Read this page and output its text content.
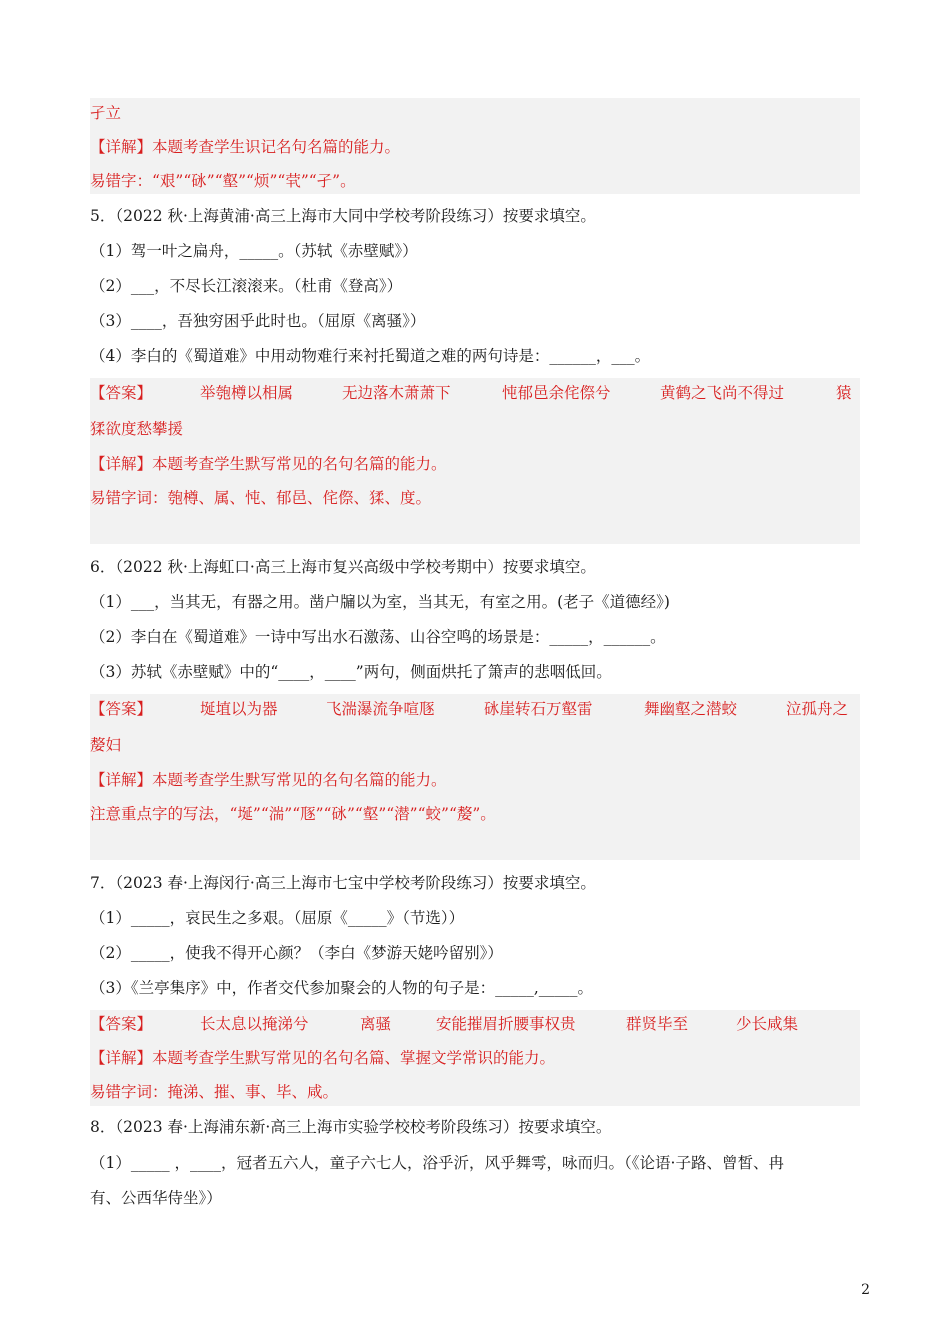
孑立
【详解】本题考查学生识记名句名篇的能力。
易错字：“艰”“砯”“壑”“烦”“茕”“孑”。
5．（2022 秋·上海黄浦·高三上海市大同中学校考阶段练习）按要求填空。
（1）驾一叶之扁舟，_____。（苏轼《赤壁赋》）
（2）___，不尽长江滚滚来。（杜甫《登高》）
（3）____，吾独穷困乎此时也。（屈原《离骚》）
（4）李白的《蜀道难》中用动物难行来衬托蜀道之难的两句诗是：______，___。
【答案】	举匏樽以相属	无边落木萧萧下	忳郁邑余侘傺兮	黄鹤之飞尚不得过	猿
猱欲度愁攀援
【详解】本题考查学生默写常见的名句名篇的能力。
易错字词：匏樽、属、忳、郁邑、侘傺、猱、度。
6．（2022 秋·上海虹口·高三上海市复兴高级中学校考期中）按要求填空。
（1）___，当其无，有器之用。凿户牖以为室，当其无，有室之用。(老子《道德经》)
（2）李白在《蜀道难》一诗中写出水石激荡、山谷空鸣的场景是：_____，______。
（3）苏轼《赤壁赋》中的“____，____”两句，侧面烘托了箫声的悲咽低回。
【答案】	埏埴以为器	飞湍瀑流争喧豗	砯崖转石万壑雷	舞幽壑之潜蛟	泣孤舟之
嫠妇
【详解】本题考查学生默写常见的名句名篇的能力。
注意重点字的写法，“埏”“湍”“豗”“砯”“壑”“潜”“蛟”“嫠”。
7．（2023 春·上海闵行·高三上海市七宝中学校考阶段练习）按要求填空。
（1）_____，哀民生之多艰。（屈原《_____》（节选））
（2）_____，使我不得开心颜？（李白《梦游天姥吟留别》）
（3）《兰亭集序》中，作者交代参加聚会的人物的句子是：_____,_____。
【答案】	长太息以掩涕兮	离骚	安能摧眉折腰事权贵	群贤毕至	少长咸集
【详解】本题考查学生默写常见的名句名篇、掌握文学常识的能力。
易错字词：掩涕、摧、事、毕、咸。
8．（2023 春·上海浦东新·高三上海市实验学校校考阶段练习）按要求填空。
（1）_____ ，____，冠者五六人，童子六七人，浴乎沂，风乎舞雩，咏而归。（《论语·子路、曾皙、冉
有、公西华侍坐》）
2
